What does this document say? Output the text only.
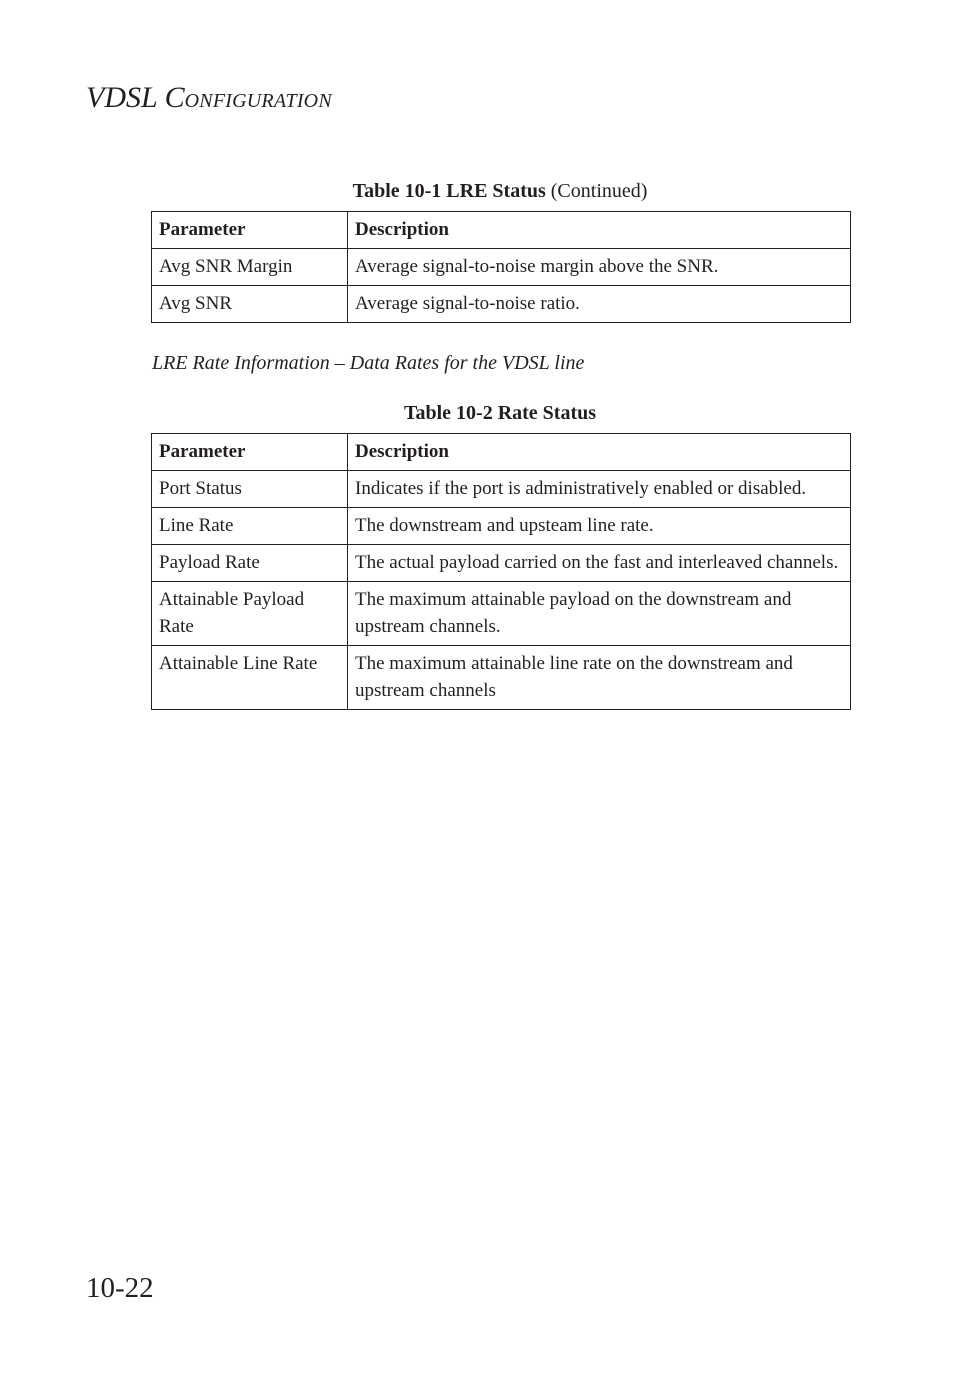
VDSL CONFIGURATION
Table 10-1 LRE Status (Continued)
Parameter	Description
Avg SNR Margin	Average signal-to-noise margin above the SNR.
Avg SNR	Average signal-to-noise ratio.
LRE Rate Information – Data Rates for the VDSL line
Table 10-2 Rate Status
Parameter	Description
Port Status	Indicates if the port is administratively enabled or disabled.
Line Rate	The downstream and upsteam line rate.
Payload Rate	The actual payload carried on the fast and interleaved channels.
Attainable Payload Rate	The maximum attainable payload on the downstream and upstream channels.
Attainable Line Rate	The maximum attainable line rate on the downstream and upstream channels
10-22
